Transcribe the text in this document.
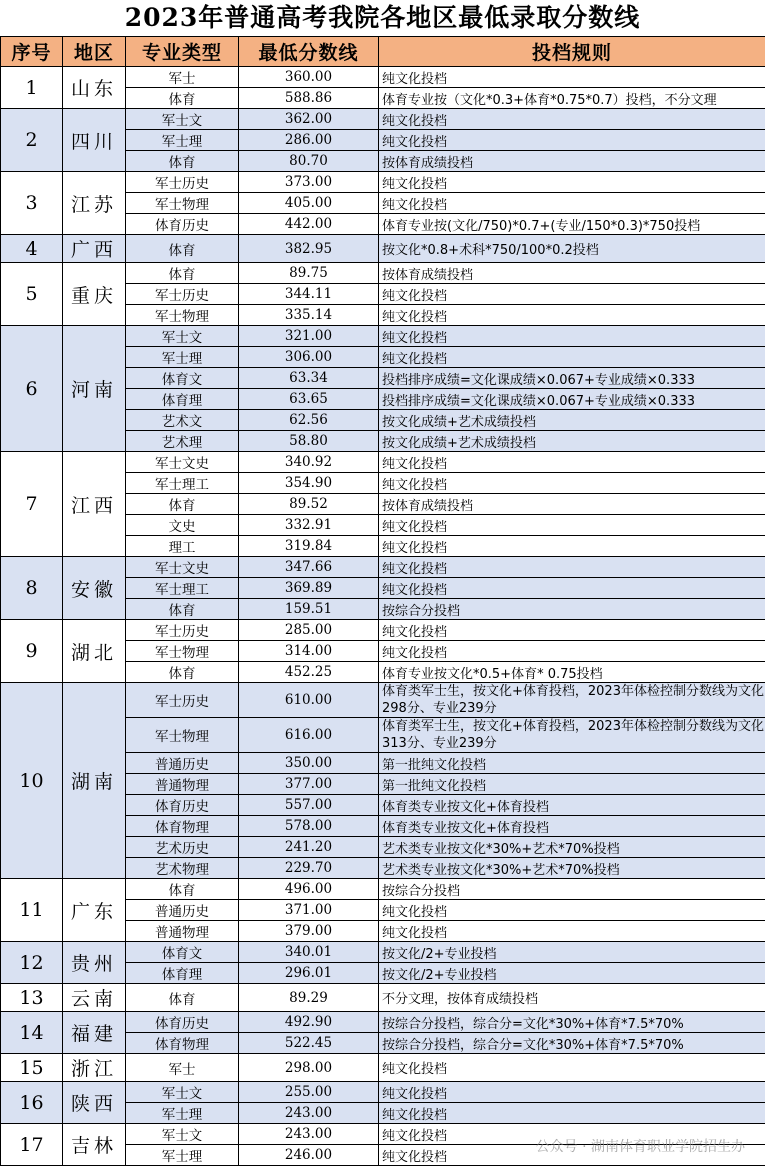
2023年普通高考我院各地区最低录取分数线
序号	地区	专业类型	最低分数线	投档规则
1	山东	军士	360.00	纯文化投档
		体育	588.86	体育专业按（文化*0.3+体育*0.75*0.7）投档，不分文理
2	四川	军士文	362.00	纯文化投档
		军士理	286.00	纯文化投档
		体育	80.70	按体育成绩投档
3	江苏	军士历史	373.00	纯文化投档
		军士物理	405.00	纯文化投档
		体育历史	442.00	体育专业按(文化/750)*0.7+(专业/150*0.3)*750投档
4	广西	体育	382.95	按文化*0.8+术科*750/100*0.2投档
5	重庆	体育	89.75	按体育成绩投档
		军士历史	344.11	纯文化投档
		军士物理	335.14	纯文化投档
6	河南	军士文	321.00	纯文化投档
		军士理	306.00	纯文化投档
		体育文	63.34	投档排序成绩=文化课成绩×0.067+专业成绩×0.333
		体育理	63.65	投档排序成绩=文化课成绩×0.067+专业成绩×0.333
		艺术文	62.56	按文化成绩+艺术成绩投档
		艺术理	58.80	按文化成绩+艺术成绩投档
7	江西	军士文史	340.92	纯文化投档
		军士理工	354.90	纯文化投档
		体育	89.52	按体育成绩投档
		文史	332.91	纯文化投档
		理工	319.84	纯文化投档
8	安徽	军士文史	347.66	纯文化投档
		军士理工	369.89	纯文化投档
		体育	159.51	按综合分投档
9	湖北	军士历史	285.00	纯文化投档
		军士物理	314.00	纯文化投档
		体育	452.25	体育专业按文化*0.5+体育* 0.75投档
10	湖南	军士历史	610.00	体育类军士生，按文化+体育投档，2023年体检控制分数线为文化298分、专业239分
		军士物理	616.00	体育类军士生，按文化+体育投档，2023年体检控制分数线为文化313分、专业239分
		普通历史	350.00	第一批纯文化投档
		普通物理	377.00	第一批纯文化投档
		体育历史	557.00	体育类专业按文化+体育投档
		体育物理	578.00	体育类专业按文化+体育投档
		艺术历史	241.20	艺术类专业按文化*30%+艺术*70%投档
		艺术物理	229.70	艺术类专业按文化*30%+艺术*70%投档
11	广东	体育	496.00	按综合分投档
		普通历史	371.00	纯文化投档
		普通物理	379.00	纯文化投档
12	贵州	体育文	340.01	按文化/2+专业投档
		体育理	296.01	按文化/2+专业投档
13	云南	体育	89.29	不分文理，按体育成绩投档
14	福建	体育历史	492.90	按综合分投档，综合分=文化*30%+体育*7.5*70%
		体育物理	522.45	按综合分投档，综合分=文化*30%+体育*7.5*70%
15	浙江	军士	298.00	纯文化投档
16	陕西	军士文	255.00	纯文化投档
		军士理	243.00	纯文化投档
17	吉林	军士文	243.00	纯文化投档
		军士理	246.00	纯文化投档
公众号 · 湖南体育职业学院招生办
